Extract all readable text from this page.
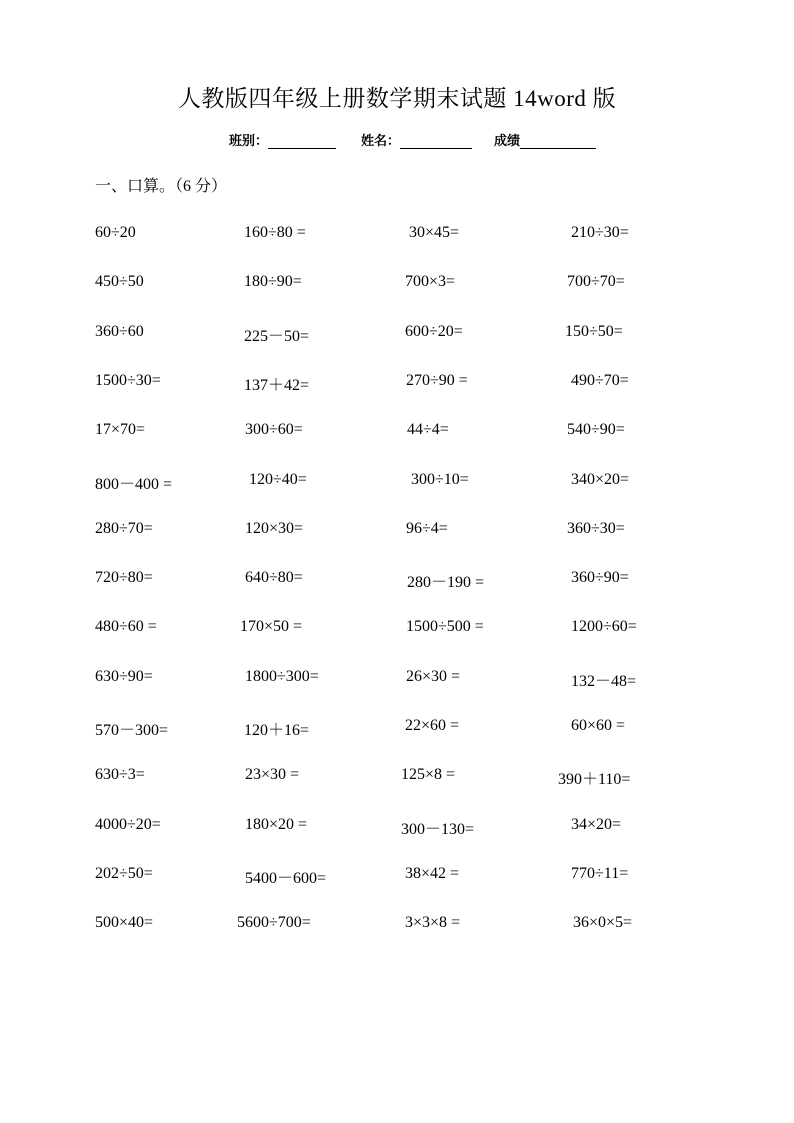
人教版四年级上册数学期末试题 14word 版
班别：	姓名：	成绩
一、口算。（6 分）
60÷20	160÷80 =	30×45=	210÷30=
450÷50	180÷90=	700×3=	700÷70=
360÷60	225－50=	600÷20=	150÷50=
1500÷30=	137＋42=	270÷90 =	490÷70=
17×70=	300÷60=	44÷4=	540÷90=
800－400 =	120÷40=	300÷10=	340×20=
280÷70=	120×30=	96÷4=	360÷30=
720÷80=	640÷80=	280－190 =	360÷90=
480÷60 =	170×50 =	1500÷500 =	1200÷60=
630÷90=	1800÷300=	26×30 =	132－48=
570－300=	120＋16=	22×60 =	60×60 =
630÷3=	23×30 =	125×8 =	390＋110=
4000÷20=	180×20 =	300－130=	34×20=
202÷50=	5400－600=	38×42 =	770÷11=
500×40=	5600÷700=	3×3×8 =	36×0×5=
